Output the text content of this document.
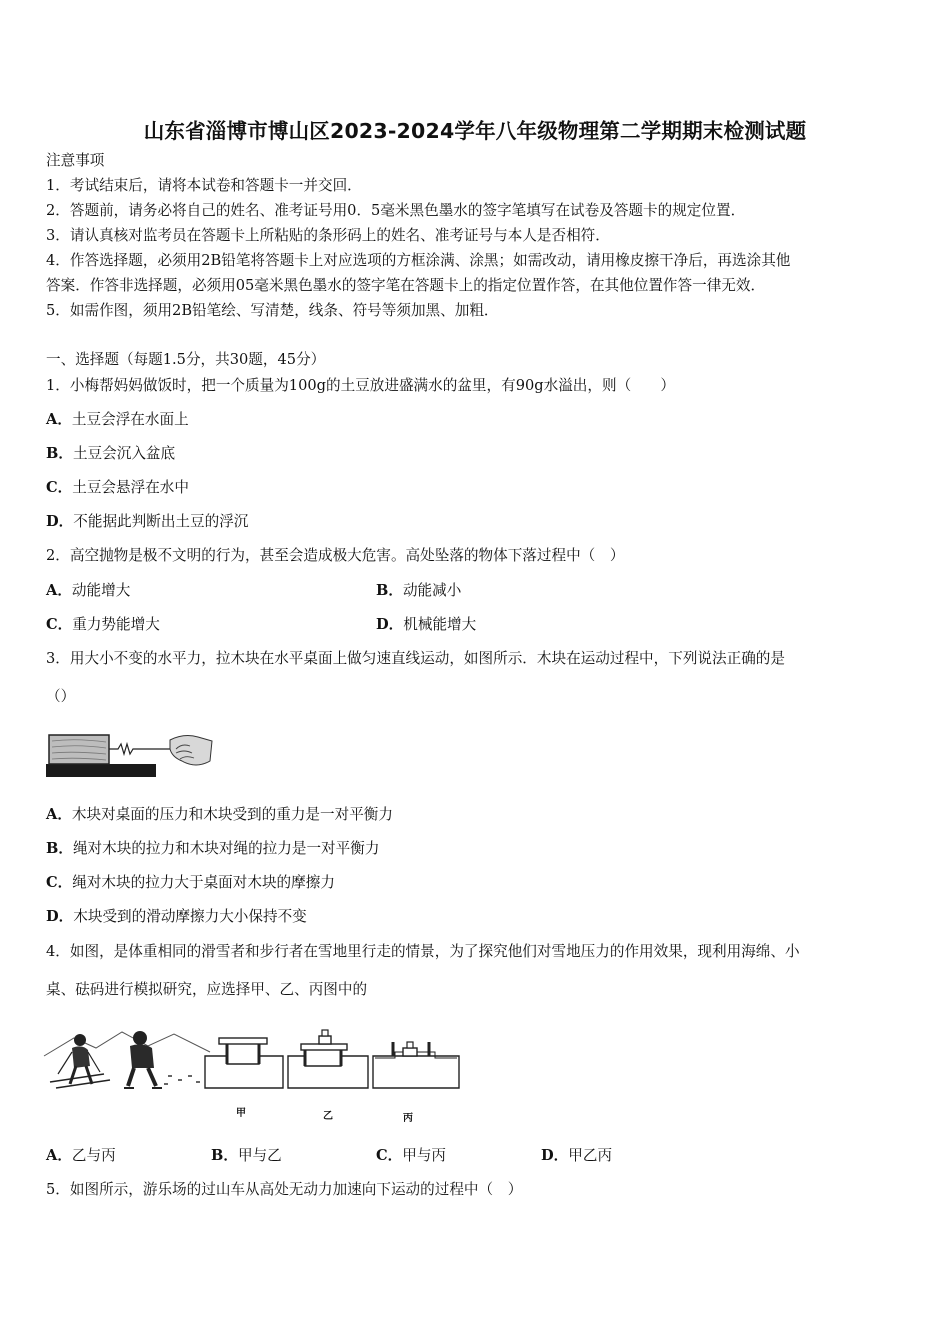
山东省淄博市博山区2023-2024学年八年级物理第二学期期末检测试题
注意事项
1．考试结束后，请将本试卷和答题卡一并交回．
2．答题前，请务必将自己的姓名、准考证号用0．5毫米黑色墨水的签字笔填写在试卷及答题卡的规定位置．
3．请认真核对监考员在答题卡上所粘贴的条形码上的姓名、准考证号与本人是否相符．
4．作答选择题，必须用2B铅笔将答题卡上对应选项的方框涂满、涂黑；如需改动，请用橡皮擦干净后，再选涂其他
答案．作答非选择题，必须用05毫米黑色墨水的签字笔在答题卡上的指定位置作答，在其他位置作答一律无效．
5．如需作图，须用2B铅笔绘、写清楚，线条、符号等须加黑、加粗．
一、选择题（每题1.5分，共30题，45分）
1．小梅帮妈妈做饭时，把一个质量为100g的土豆放进盛满水的盆里，有90g水溢出，则（　　）
A．土豆会浮在水面上
B．土豆会沉入盆底
C．土豆会悬浮在水中
D．不能据此判断出土豆的浮沉
2．高空抛物是极不文明的行为，甚至会造成极大危害。高处坠落的物体下落过程中（　）
A．动能增大	B．动能减小
C．重力势能增大	D．机械能增大
3．用大小不变的水平力，拉木块在水平桌面上做匀速直线运动，如图所示．木块在运动过程中，下列说法正确的是
（）
A．木块对桌面的压力和木块受到的重力是一对平衡力
B．绳对木块的拉力和木块对绳的拉力是一对平衡力
C．绳对木块的拉力大于桌面对木块的摩擦力
D．木块受到的滑动摩擦力大小保持不变
4．如图，是体重相同的滑雪者和步行者在雪地里行走的情景，为了探究他们对雪地压力的作用效果，现利用海绵、小
桌、砝码进行模拟研究，应选择甲、乙、丙图中的
甲	乙	丙
A．乙与丙	B．甲与乙	C．甲与丙	D．甲乙丙
5．如图所示，游乐场的过山车从高处无动力加速向下运动的过程中（　）
